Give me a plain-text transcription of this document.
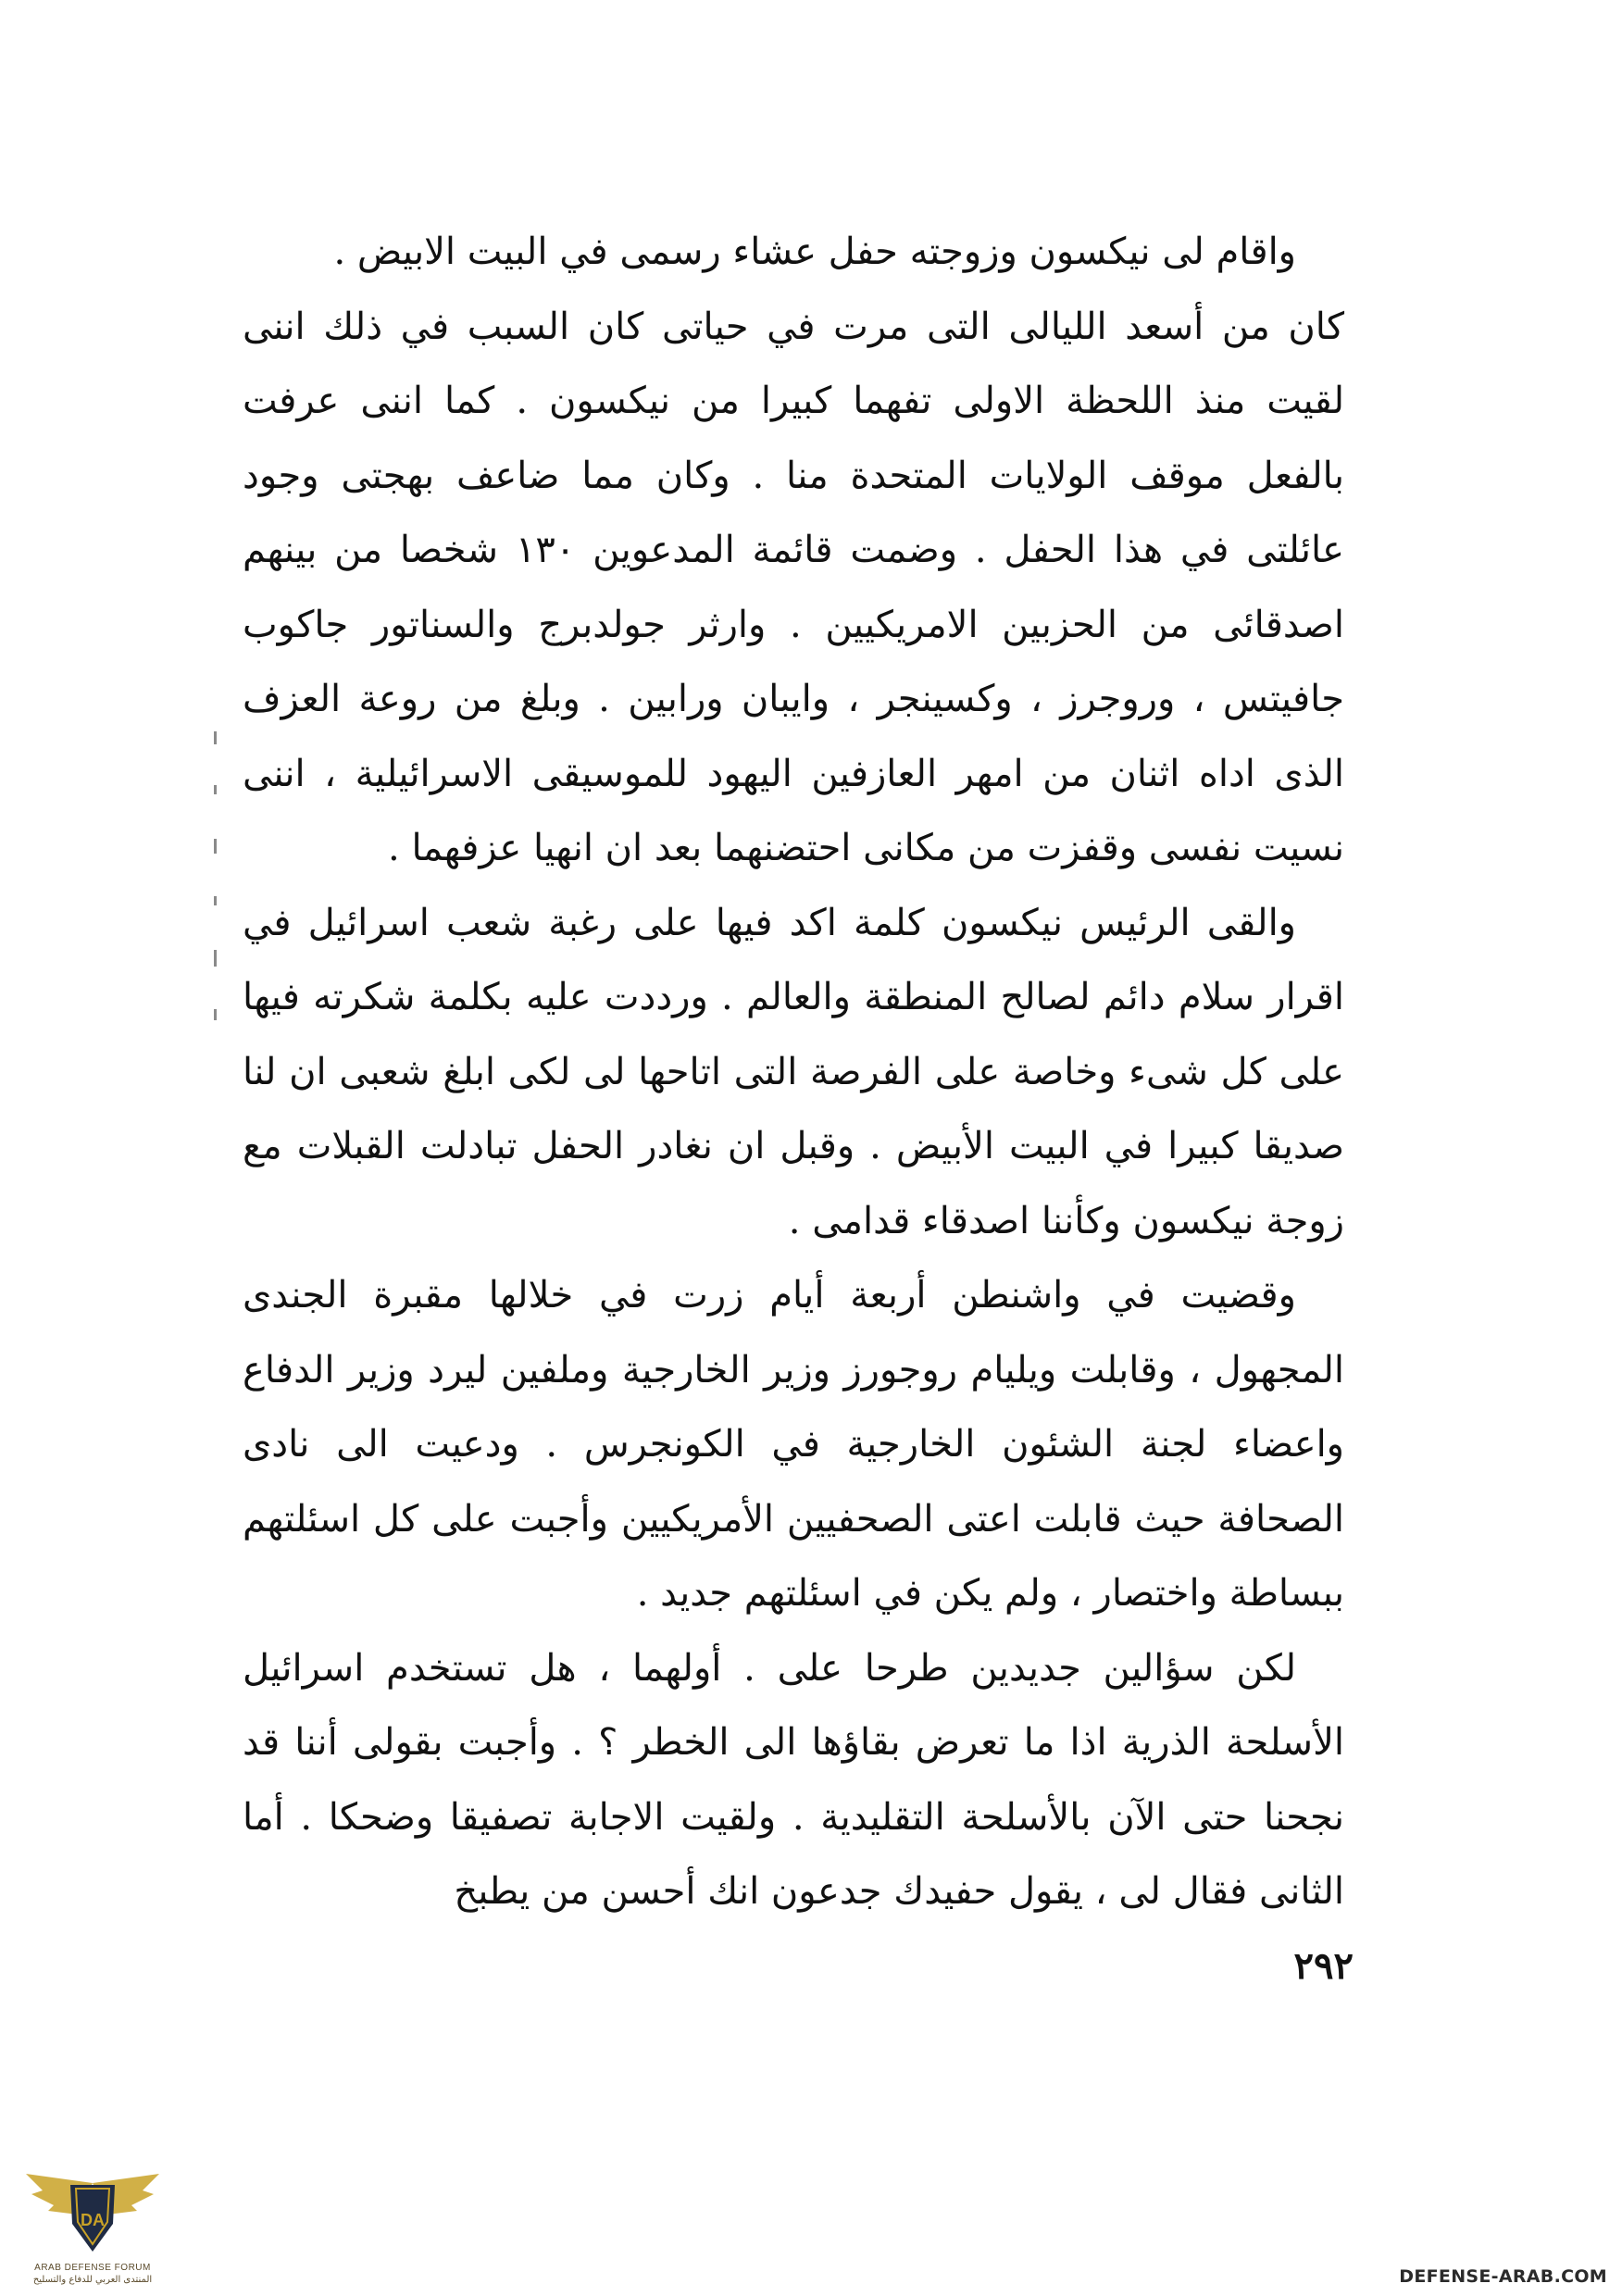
واقام لى نيكسون وزوجته حفل عشاء رسمى في البيت الابيض .

كان من أسعد الليالى التى مرت في حياتى كان السبب في ذلك اننى لقيت منذ اللحظة الاولى تفهما كبيرا من نيكسون . كما اننى عرفت بالفعل موقف الولايات المتحدة منا . وكان مما ضاعف بهجتى وجود عائلتى في هذا الحفل . وضمت قائمة المدعوين ١٣٠ شخصا من بينهم اصدقائى من الحزبين الامريكيين . وارثر جولدبرج والسناتور جاكوب جافيتس ، وروجرز ، وكسينجر ، وايبان ورابين . وبلغ من روعة العزف الذى اداه اثنان من امهر العازفين اليهود للموسيقى الاسرائيلية ، اننى نسيت نفسى وقفزت من مكانى احتضنهما بعد ان انهيا عزفهما .

والقى الرئيس نيكسون كلمة اكد فيها على رغبة شعب اسرائيل في اقرار سلام دائم لصالح المنطقة والعالم . ورددت عليه بكلمة شكرته فيها على كل شىء وخاصة على الفرصة التى اتاحها لى لكى ابلغ شعبى ان لنا صديقا كبيرا في البيت الأبيض . وقبل ان نغادر الحفل تبادلت القبلات مع زوجة نيكسون وكأننا اصدقاء قدامى .

وقضيت في واشنطن أربعة أيام زرت في خلالها مقبرة الجندى المجهول ، وقابلت ويليام روجورز وزير الخارجية وملفين ليرد وزير الدفاع واعضاء لجنة الشئون الخارجية في الكونجرس . ودعيت الى نادى الصحافة حيث قابلت اعتى الصحفيين الأمريكيين وأجبت على كل اسئلتهم ببساطة واختصار ، ولم يكن في اسئلتهم جديد .

لكن سؤالين جديدين طرحا على . أولهما ، هل تستخدم اسرائيل الأسلحة الذرية اذا ما تعرض بقاؤها الى الخطر ؟ . وأجبت بقولى أننا قد نجحنا حتى الآن بالأسلحة التقليدية . ولقيت الاجابة تصفيقا وضحكا . أما الثانى فقال لى ، يقول حفيدك جدعون انك أحسن من يطبخ

٢٩٢
DA
ARAB DEFENSE FORUM
المنتدى العربي للدفاع والتسليح	DEFENSE-ARAB.COM
